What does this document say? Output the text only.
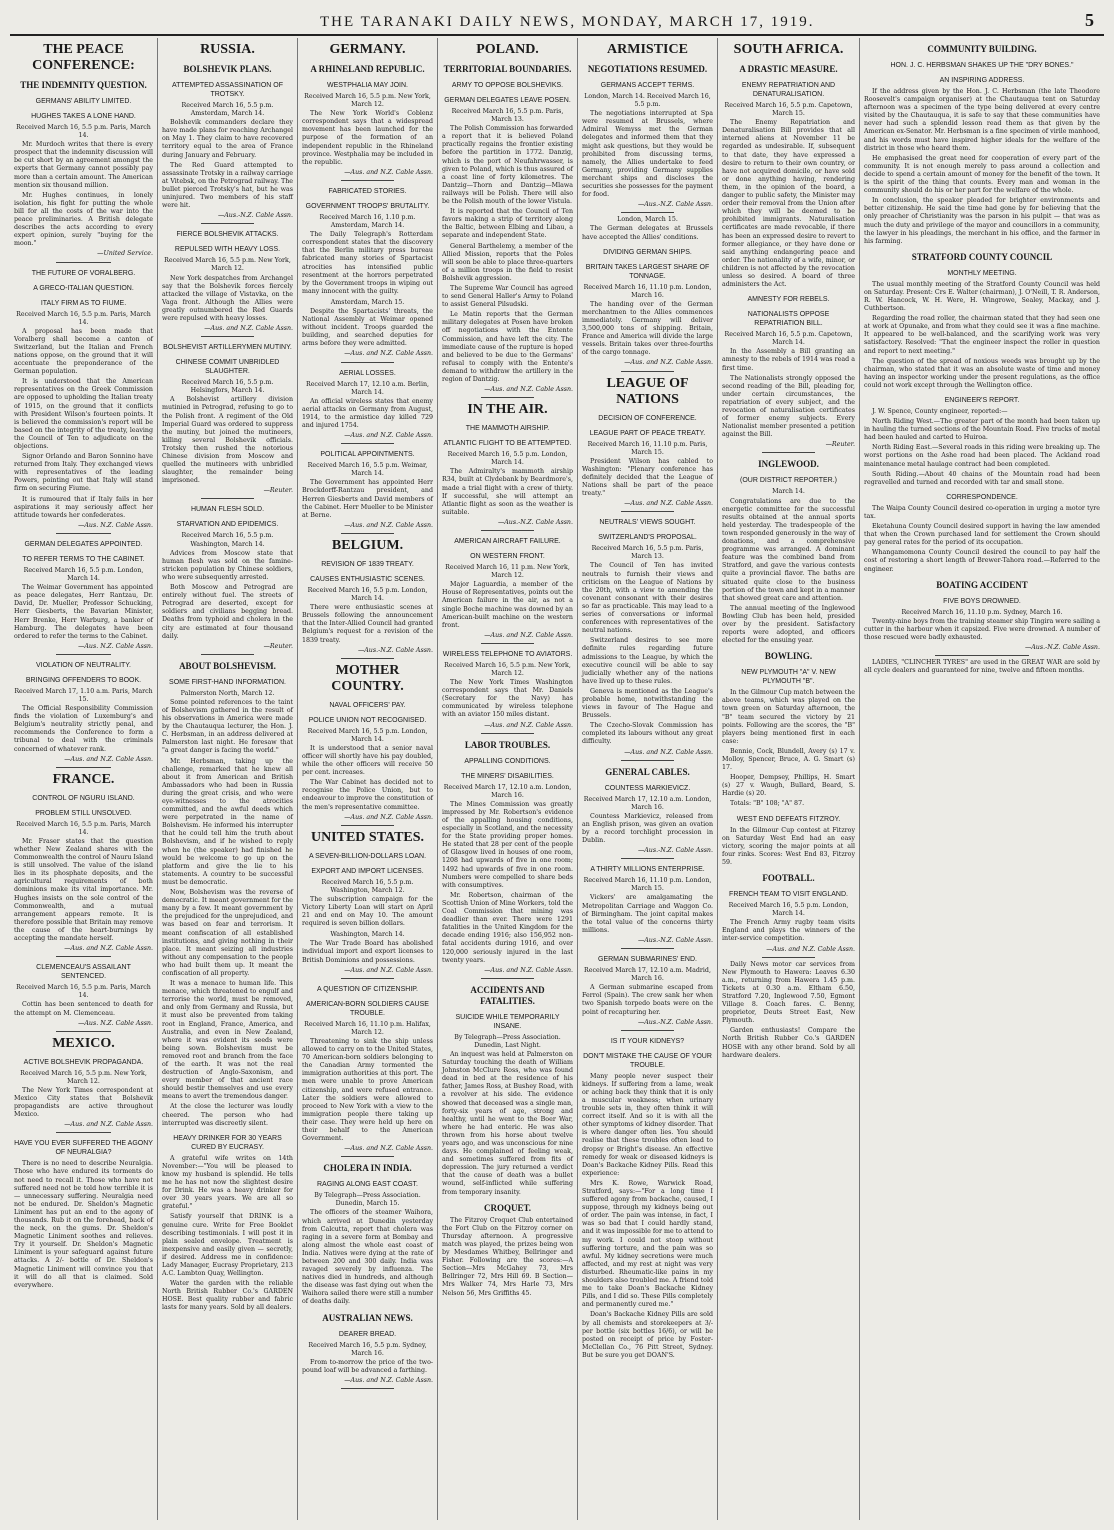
THE TARANAKI DAILY NEWS, MONDAY, MARCH 17, 1919.	5
THE PEACE CONFERENCE:
THE INDEMNITY QUESTION.
GERMANS' ABILITY LIMITED.
HUGHES TAKES A LONE HAND.
Received March 16, 5.5 p.m. Paris, March 14.

Mr. Murdoch writes that there is every prospect that the indemnity discussion will be cut short by an agreement amongst the experts that Germany cannot possibly pay more than a certain amount. The American mention six thousand million.

Mr. Hughes continues, in lonely isolation, his fight for putting the whole bill for all the costs of the war into the peace preliminaries. A British delegate describes the acts according to every expert opinion, surely "buying for the moon."

—United Service.
THE FUTURE OF VORALBERG.
A GRECO-ITALIAN QUESTION.
ITALY FIRM AS TO FIUME.
Received March 16, 5.5 p.m. Paris, March 14.

A proposal has been made that Voralberg shall become a canton of Switzerland, but the Italian and French nations oppose, on the ground that it will accentuate the preponderance of the German population.

It is understood that the American representatives on the Greek Commission are opposed to upholding the Italian treaty of 1915, on the ground that it conflicts with President Wilson's fourteen points. It is believed the commission's report will be based on the integrity of the treaty, leaving the Council of Ten to adjudicate on the objections.

Signor Orlando and Baron Sonnino have returned from Italy. They exchanged views with representatives of the leading Powers, pointing out that Italy will stand firm on securing Fiume.

It is rumoured that if Italy fails in her aspirations it may seriously affect her attitude towards her confederates.

—Aus. N.Z. Cable Assn.
GERMAN DELEGATES APPOINTED.
TO REFER TERMS TO THE CABINET.
Received March 16, 5.5 p.m. London, March 14.

The Weimar Government has appointed as peace delegates, Herr Rantzau, Dr. David, Dr. Mueller, Professor Schucking, Herr Giesberts, the Bavarian Minister, Herr Brenke, Herr Warburg, a banker of Hamburg. The delegates have been ordered to refer the terms to the Cabinet.

—Aus. N.Z. Cable Assn.
VIOLATION OF NEUTRALITY.
BRINGING OFFENDERS TO BOOK.
Received March 17, 1.10 a.m. Paris, March 15.

The Official Responsibility Commission finds the violation of Luxemburg's and Belgium's neutrality strictly penal, and recommends the Conference to form a tribunal to deal with the criminals concerned of whatever rank.

—Aus. and N.Z. Cable Assn.
FRANCE.
CONTROL OF NGURU ISLAND.
PROBLEM STILL UNSOLVED.
Received March 16, 5.5 p.m. Paris, March 14.

Mr. Fraser states that the question whether New Zealand shares with the Commonwealth the control of Nauru Island is still unsolved. The value of the island lies in its phosphate deposits, and the agricultural requirements of both dominions make its vital importance. Mr. Hughes insists on the sole control of the Commonwealth, and a mutual arrangement appears remote. It is therefore possible that Britain may remove the cause of the heart-burnings by accepting the mandate herself.

—Aus. and N.Z. Cable Assn.
CLEMENCEAU'S ASSAILANT SENTENCED.
Received March 16, 5.5 p.m. Paris, March 14.

Cottin has been sentenced to death for the attempt on M. Clemenceau.

—Aus. N.Z. Cable Assn.
MEXICO.
ACTIVE BOLSHEVIK PROPAGANDA.
Received March 16, 5.5 p.m. New York, March 12.

The New York Times correspondent at Mexico City states that Bolshevik propagandists are active throughout Mexico.

—Aus. and N.Z. Cable Assn.
HAVE YOU EVER SUFFERED THE AGONY OF NEURALGIA?

There is no need to describe Neuralgia. Those who have endured its torments do not need to recall it. Those who have not suffered need not be told how terrible it is — unnecessary suffering. Neuralgia need not be endured. Dr. Sheldon's Magnetic Liniment has put an end to the agony of thousands. Rub it on the forehead, back of the neck, on the gums. Dr. Sheldon's Magnetic Liniment soothes and relieves. Try it yourself. Dr. Sheldon's Magnetic Liniment is your safeguard against future attacks. A 2/- bottle of Dr. Sheldon's Magnetic Liniment will convince you that it will do all that is claimed. Sold everywhere.

RUSSIA.
BOLSHEVIK PLANS.
ATTEMPTED ASSASSINATION OF TROTSKY.
Received March 16, 5.5 p.m. Amsterdam, March 14.

Bolshevik commanders declare they have made plans for reaching Archangel on May 1. They claim to have recovered territory equal to the area of France during January and February.

The Red Guard attempted to assassinate Trotsky in a railway carriage at Vitebsk, on the Petrograd railway. The bullet pierced Trotsky's hat, but he was uninjured. Two members of his staff were hit.

—Aus.-N.Z. Cable Assn.
FIERCE BOLSHEVIK ATTACKS.
REPULSED WITH HEAVY LOSS.
Received March 16, 5.5 p.m. New York, March 12.

New York despatches from Archangel say that the Bolshevik forces fiercely attacked the village of Vistavka, on the Vaga front. Although the Allies were greatly outnumbered the Red Guards were repulsed with heavy losses.

—Aus. and N.Z. Cable Assn.
BOLSHEVIST ARTILLERYMEN MUTINY.
CHINESE COMMIT UNBRIDLED SLAUGHTER.
Received March 16, 5.5 p.m. Helsingfors, March 14.

A Bolshevist artillery division mutinied in Petrograd, refusing to go to the Polish front. A regiment of the Old Imperial Guard was ordered to suppress the mutiny, but joined the mutineers, killing several Bolshevik officials. Trotsky then rushed the notorious Chinese division from Moscow and quelled the mutineers with unbridled slaughter, the remainder being imprisoned.

—Reuter.
HUMAN FLESH SOLD.
STARVATION AND EPIDEMICS.
Received March 16, 5.5 p.m. Washington, March 14.

Advices from Moscow state that human flesh was sold on the famine-stricken population by Chinese soldiers, who were subsequently arrested.

Both Moscow and Petrograd are entirely without fuel. The streets of Petrograd are deserted, except for soldiers and civilians begging bread. Deaths from typhoid and cholera in the city are estimated at four thousand daily.

—Reuter.
ABOUT BOLSHEVISM.
SOME FIRST-HAND INFORMATION.
Palmerston North, March 12.

Some pointed references to the taint of Bolshevism gathered in the result of his observations in America were made by the Chautauqua lecturer, the Hon. J. C. Herbsman, in an address delivered at Palmerston last night. He foresaw that "a great danger is facing the world."

Mr. Herbsman, taking up the challenge, remarked that he knew all about it from American and British Ambassadors who had been in Russia during the great crisis, and who were eye-witnesses to the atrocities committed, and the awful deeds which were perpetrated in the name of Bolshevism. He informed his interrupter that he could tell him the truth about Bolshevism, and if he wished to reply when he (the speaker) had finished he would be welcome to go up on the platform and give the lie to his statements. A country to be successful must be democratic.

Now, Bolshevism was the reverse of democratic. It meant government for the many by a few. It meant government by the prejudiced for the unprejudiced, and was based on fear and terrorism. It meant confiscation of all established institutions, and giving nothing in their place. It meant seizing all industries without any compensation to the people who had built them up. It meant the confiscation of all property.

It was a menace to human life. This menace, which threatened to engulf and terrorise the world, must be removed, and only from Germany and Russia, but it must also be prevented from taking root in England, France, America, and Australia, and even in New Zealand, where it was evident its seeds were being sown. Bolshevism must be removed root and branch from the face of the earth. It was not the real destruction of Anglo-Saxonism, and every member of that ancient race should bestir themselves and use every means to avert the tremendous danger.

At the close the lecturer was loudly cheered. The person who had interrupted was discreetly silent.

HEAVY DRINKER FOR 30 YEARS CURED BY EUCRASY.

A grateful wife writes on 14th November:—"You will be pleased to know my husband is splendid. He tells me he has not now the slightest desire for Drink. He was a heavy drinker for over 30 years years. We are all so grateful."

Satisfy yourself that DRINK is a genuine cure. Write for Free Booklet describing testimonials. I will post it in plain sealed envelope. Treatment is inexpensive and easily given — secretly, if desired. Address me in confidence: Lady Manager, Eucrasy Proprietary, 213 A.C. Lambton Quay, Wellington.

Water the garden with the reliable North British Rubber Co.'s GARDEN HOSE. Best quality rubber and fabric lasts for many years. Sold by all dealers.

GERMANY.
A RHINELAND REPUBLIC.
WESTPHALIA MAY JOIN.
Received March 16, 5.5 p.m. New York, March 12.

The New York World's Coblenz correspondent says that a widespread movement has been launched for the purpose of the formation of an independent republic in the Rhineland province. Westphalia may be included in the republic.

—Aus. and N.Z. Cable Assn.
FABRICATED STORIES.
GOVERNMENT TROOPS' BRUTALITY.
Received March 16, 1.10 p.m. Amsterdam, March 14.

The Daily Telegraph's Rotterdam correspondent states that the discovery that the Berlin military press bureau fabricated many stories of Spartacist atrocities has intensified public resentment at the horrors perpetrated by the Government troops in wiping out many innocent with the guilty.

Amsterdam, March 15.

Despite the Spartacists' threats, the National Assembly at Weimar opened without incident. Troops guarded the building, and searched deputies for arms before they were admitted.

—Aus. and N.Z. Cable Assn.
AERIAL LOSSES.
Received March 17, 12.10 a.m. Berlin, March 14.

An official wireless states that enemy aerial attacks on Germany from August, 1914, to the armistice day killed 729 and injured 1754.

—Aus. and N.Z. Cable Assn.
POLITICAL APPOINTMENTS.
Received March 16, 5.5 p.m. Weimar, March 14.

The Government has appointed Herr Brockdorff-Rantzau president, and Herren Giesberts and David members of the Cabinet. Herr Mueller to be Minister at Berne.

—Aus. and N.Z. Cable Assn.
BELGIUM.
REVISION OF 1839 TREATY.
CAUSES ENTHUSIASTIC SCENES.
Received March 16, 5.5 p.m. London, March 14.

There were enthusiastic scenes at Brussels following the announcement that the Inter-Allied Council had granted Belgium's request for a revision of the 1839 treaty.

—Aus.-N.Z. Cable Assn.
MOTHER COUNTRY.
NAVAL OFFICERS' PAY.
POLICE UNION NOT RECOGNISED.
Received March 16, 5.5 p.m. London, March 14.

It is understood that a senior naval officer will shortly have his pay doubled, while the other officers will receive 50 per cent. increases.

The War Cabinet has decided not to recognise the Police Union, but to endeavour to improve the constitution of the men's representative committee.

—Aus. and N.Z. Cable Assn.
UNITED STATES.
A SEVEN-BILLION-DOLLARS LOAN.
EXPORT AND IMPORT LICENSES.
Received March 16, 5.5 p.m. Washington, March 12.

The subscription campaign for the Victory Liberty Loan will start on April 21 and end on May 10. The amount required is seven billion dollars.

Washington, March 14.

The War Trade Board has abolished individual import and export licenses to British Dominions and possessions.

—Aus. and N.Z. Cable Assn.
A QUESTION OF CITIZENSHIP.
AMERICAN-BORN SOLDIERS CAUSE TROUBLE.
Received March 16, 11.10 p.m. Halifax, March 12.

Threatening to sink the ship unless allowed to carry on to the United States, 70 American-born soldiers belonging to the Canadian Army tormented the immigration authorities at this port. The men were unable to prove American citizenship, and were refused entrance. Later the soldiers were allowed to proceed to New York with a view to the immigration people there taking up their case. They were held up here on their behalf to the American Government.

—Aus. and N.Z. Cable Assn.
CHOLERA IN INDIA.
RAGING ALONG EAST COAST.
By Telegraph—Press Association. Dunedin, March 15.

The officers of the steamer Waihora, which arrived at Dunedin yesterday from Calcutta, report that cholera was raging in a severe form at Bombay and along almost the whole east coast of India. Natives were dying at the rate of between 200 and 300 daily. India was ravaged severely by influenza. The natives died in hundreds, and although the disease was fast dying out when the Waihora sailed there were still a number of deaths daily.

AUSTRALIAN NEWS.
DEARER BREAD.
Received March 16, 5.5 p.m. Sydney, March 16.

From to-morrow the price of the two-pound loaf will be advanced a farthing.

—Aus. and N.Z. Cable Assn.
POLAND.
TERRITORIAL BOUNDARIES.
ARMY TO OPPOSE BOLSHEVIKS.
GERMAN DELEGATES LEAVE POSEN.
Received March 16, 5.5 p.m. Paris, March 13.

The Polish Commission has forwarded a report that it is believed Poland practically regains the frontier existing before the partition in 1772. Danzig, which is the port of Neufahrwasser, is given to Poland, which is thus assured of a coast line of forty kilometres. The Dantzig—Thorn and Dantzig—Mlawa railways will be Polish. There will also be the Polish mouth of the lower Vistula.

It is reported that the Council of Ten favors making a strip of territory along the Baltic, between Elbing and Libau, a separate and independent State.

General Barthelemy, a member of the Allied Mission, reports that the Poles will soon be able to place three-quarters of a million troops in the field to resist Bolshevik aggression.

The Supreme War Council has agreed to send General Haller's Army to Poland to assist General Pilsudski.

Le Matin reports that the German military delegates at Posen have broken off negotiations with the Entente Commission, and have left the city. The immediate cause of the rupture is hoped and believed to be due to the Germans' refusal to comply with the Entente's demand to withdraw the artillery in the region of Dantzig.

—Aus. and N.Z. Cable Assn.
IN THE AIR.
THE MAMMOTH AIRSHIP.
ATLANTIC FLIGHT TO BE ATTEMPTED.
Received March 16, 5.5 p.m. London, March 14.

The Admiralty's mammoth airship R34, built at Clydebank by Beardmore's, made a trial flight with a crew of thirty. If successful, she will attempt an Atlantic flight as soon as the weather is suitable.

—Aus.-N.Z. Cable Assn.
AMERICAN AIRCRAFT FAILURE.
ON WESTERN FRONT.
Received March 16, 11 p.m. New York, March 12.

Major Laguardia, a member of the House of Representatives, points out the American failure in the air, as not a single Boche machine was downed by an American-built machine on the western front.

—Aus. and N.Z. Cable Assn.
WIRELESS TELEPHONE TO AVIATORS.
Received March 16, 5.5 p.m. New York, March 12.

The New York Times Washington correspondent says that Mr. Daniels (Secretary for the Navy) has communicated by wireless telephone with an aviator 150 miles distant.

—Aus. and N.Z. Cable Assn.
LABOR TROUBLES.
APPALLING CONDITIONS.
THE MINERS' DISABILITIES.
Received March 17, 12.10 a.m. London, March 16.

The Mines Commission was greatly impressed by Mr. Robertson's evidence of the appalling housing conditions, especially in Scotland, and the necessity for the State providing proper homes. He stated that 28 per cent of the people of Glasgow lived in houses of one room, 1208 had upwards of five in one room; 1492 had upwards of five in one room. Numbers were compelled to share beds with consumptives.

Mr. Robertson, chairman of the Scottish Union of Mine Workers, told the Coal Commission that mining was deadlier than ever. There were 1291 fatalities in the United Kingdom for the decade ending 1916; also 156,952 non-fatal accidents during 1916, and over 120,000 seriously injured in the last twenty years.

—Aus. and N.Z. Cable Assn.
ACCIDENTS AND FATALITIES.
SUICIDE WHILE TEMPORARILY INSANE.
By Telegraph—Press Association. Dunedin, Last Night.

An inquest was held at Palmerston on Saturday touching the death of William Johnston McClure Ross, who was found dead in bed at the residence of his father, James Ross, at Bushey Road, with a revolver at his side. The evidence showed that deceased was a single man, forty-six years of age, strong and healthy, until he went to the Boer War, where he had enteric. He was also thrown from his horse about twelve years ago, and was unconscious for nine days. He complained of feeling weak, and sometimes suffered from fits of depression. The jury returned a verdict that the cause of death was a bullet wound, self-inflicted while suffering from temporary insanity.

CROQUET.

The Fitzroy Croquet Club entertained the Fort Club on the Fitzroy corner on Thursday afternoon. A progressive match was played, the prizes being won by Mesdames Whitbey, Bellringer and Fisher. Following are the scores:—A Section—Mrs McGahey 73, Mrs Bellringer 72, Mrs Hill 69. B Section—Mrs Walker 74, Mrs Harle 73, Mrs Nelson 56, Mrs Griffiths 45.

ARMISTICE
NEGOTIATIONS RESUMED.
GERMANS ACCEPT TERMS.
London, March 14. Received March 16, 5.5 p.m.

The negotiations interrupted at Spa were resumed at Brussels, where Admiral Wemyss met the German delegates and informed them that they might ask questions, but they would be prohibited from discussing terms, namely, the Allies undertake to feed Germany, providing Germany supplies merchant ships and discloses the securities she possesses for the payment for food.

—Aus.-N.Z. Cable Assn.
London, March 15.

The German delegates at Brussels have accepted the Allies' conditions.

DIVIDING GERMAN SHIPS.
BRITAIN TAKES LARGEST SHARE OF TONNAGE.
Received March 16, 11.10 p.m. London, March 16.

The handing over of the German merchantmen to the Allies commences immediately. Germany will deliver 3,500,000 tons of shipping. Britain, France and America will divide the large vessels. Britain takes over three-fourths of the cargo tonnage.

—Aus. and N.Z. Cable Assn.
LEAGUE OF NATIONS
DECISION OF CONFERENCE.
LEAGUE PART OF PEACE TREATY.
Received March 16, 11.10 p.m. Paris, March 15.

President Wilson has cabled to Washington: "Plenary conference has definitely decided that the League of Nations shall be part of the peace treaty."

—Aus. and N.Z. Cable Assn.
NEUTRALS' VIEWS SOUGHT.
SWITZERLAND'S PROPOSAL.
Received March 16, 5.5 p.m. Paris, March 13.

The Council of Ten has invited neutrals to furnish their views and criticism on the League of Nations by the 20th, with a view to amending the covenant consonant with their desires so far as practicable. This may lead to a series of conversations or informal conferences with representatives of the neutral nations.

Switzerland desires to see more definite rules regarding future admissions to the League, by which the executive council will be able to say judicially whether any of the nations have lived up to these rules.

Geneva is mentioned as the League's probable home, notwithstanding the views in favour of The Hague and Brussels.

The Czecho-Slovak Commission has completed its labours without any great difficulty.

—Aus. and N.Z. Cable Assn.
GENERAL CABLES.
COUNTESS MARKIEVICZ.
Received March 17, 12.10 a.m. London, March 16.

Countess Markievicz, released from an English prison, was given an ovation by a record torchlight procession in Dublin.

—Aus.-N.Z. Cable Assn.
A THIRTY MILLIONS ENTERPRISE.
Received March 16, 11.10 p.m. London, March 15.

Vickers' are amalgamating the Metropolitan Carriage and Waggon Co. of Birmingham. The joint capital makes the total value of the concerns thirty millions.

—Aus.-N.Z. Cable Assn.
GERMAN SUBMARINES' END.
Received March 17, 12.10 a.m. Madrid, March 16.

A German submarine escaped from Ferrol (Spain). The crew sank her when two Spanish torpedo boats were on the point of recapturing her.

—Aus.-N.Z. Cable Assn.
IS IT YOUR KIDNEYS?
DON'T MISTAKE THE CAUSE OF YOUR TROUBLE.

Many people never suspect their kidneys. If suffering from a lame, weak or aching back they think that it is only a muscular weakness; when urinary trouble sets in, they often think it will correct itself. And so it is with all the other symptoms of kidney disorder. That is where danger often lies. You should realise that these troubles often lead to dropsy or Bright's disease. An effective remedy for weak or diseased kidneys is Doan's Backache Kidney Pills. Read this experience:

Mrs K. Rowe, Warwick Road, Stratford, says:—"For a long time I suffered agony from backache, caused, I suppose, through my kidneys being out of order. The pain was intense, in fact, I was so bad that I could hardly stand, and it was impossible for me to attend to my work. I could not stoop without suffering torture, and the pain was so awful. My kidney secretions were much affected, and my rest at night was very disturbed. Rheumatic-like pains in my shoulders also troubled me. A friend told me to take Doan's Backache Kidney Pills, and I did so. These Pills completely and permanently cured me."

Doan's Backache Kidney Pills are sold by all chemists and storekeepers at 3/- per bottle (six bottles 16/6), or will be posted on receipt of price by Foster-McClellan Co., 76 Pitt Street, Sydney. But be sure you get DOAN'S.

SOUTH AFRICA.
A DRASTIC MEASURE.
ENEMY REPATRIATION AND DENATURALISATION.
Received March 16, 5.5 p.m. Capetown, March 15.

The Enemy Repatriation and Denaturalisation Bill provides that all interned aliens at November 11 be regarded as undesirable. If, subsequent to that date, they have expressed a desire to return to their own country, or have not acquired domicile, or have sold or done anything having, rendering them, in the opinion of the board, a danger to public safety, the Minister may order their removal from the Union after which they will be deemed to be prohibited immigrants. Naturalisation certificates are made revocable, if there has been an expressed desire to revert to former allegiance, or they have done or said anything endangering peace and order. The nationality of a wife, minor, or children is not affected by the revocation unless so desired. A board of three administers the Act.

AMNESTY FOR REBELS.
NATIONALISTS OPPOSE REPATRIATION BILL.
Received March 16, 5.5 p.m. Capetown, March 14.

In the Assembly a Bill granting an amnesty to the rebels of 1914 was read a first time.

The Nationalists strongly opposed the second reading of the Bill, pleading for, under certain circumstances, the repatriation of every subject, and the revocation of naturalisation certificates of former enemy subjects. Every Nationalist member presented a petition against the Bill.

—Reuter.
INGLEWOOD.
(OUR DISTRICT REPORTER.)
March 14.

Congratulations are due to the energetic committee for the successful results obtained at the annual sports held yesterday. The tradespeople of the town responded generously in the way of donations, and a comprehensive programme was arranged. A dominant feature was the combined band from Stratford, and gave the various contests quite a provincial flavor. The baths are situated quite close to the business portion of the town and kept in a manner that showed great care and attention.

The annual meeting of the Inglewood Bowling Club has been held, presided over by the president. Satisfactory reports were adopted, and officers elected for the ensuing year.

BOWLING.
NEW PLYMOUTH "A" V. NEW PLYMOUTH "B".

In the Gilmour Cup match between the above teams, which was played on the town green on Saturday afternoon, the "B" team secured the victory by 21 points. Following are the scores, the "B" players being mentioned first in each case:

Bennie, Cock, Blundell, Avery (s) 17 v. Molloy, Spencer, Bruce, A. G. Smart (s) 17.

Hooper, Dempsey, Phillips, H. Smart (s) 27 v. Waugh, Bullard, Beard, S. Hardie (s) 20.

Totals: "B" 108; "A" 87.

WEST END DEFEATS FITZROY.

In the Gilmour Cup contest at Fitzroy on Saturday West End had an easy victory, scoring the major points at all four rinks. Scores: West End 83, Fitzroy 59.

FOOTBALL.
FRENCH TEAM TO VISIT ENGLAND.
Received March 16, 5.5 p.m. London, March 14.

The French Army rugby team visits England and plays the winners of the inter-service competition.

—Aus. and N.Z. Cable Assn.

Daily News motor car services from New Plymouth to Hawera: Leaves 6.30 a.m., returning from Hawera 1.45 p.m. Tickets at 0.30 a.m. Eltham 6.50, Stratford 7.20, Inglewood 7.50, Egmont Village 8. Coach fares. C. Benny, proprietor, Deuts Street East, New Plymouth.

Garden enthusiasts! Compare the North British Rubber Co.'s GARDEN HOSE with any other brand. Sold by all hardware dealers.

COMMUNITY BUILDING.
HON. J. C. HERBSMAN SHAKES UP THE "DRY BONES."
AN INSPIRING ADDRESS.

If the address given by the Hon. J. C. Herbsman (the late Theodore Roosevelt's campaign organiser) at the Chautauqua tent on Saturday afternoon was a specimen of the type being delivered at every centre visited by the Chautauqua, it is safe to say that these communities have never had such a splendid lesson read them as that given by the American ex-Senator. Mr. Herbsman is a fine specimen of virile manhood, and his words must have inspired higher ideals for the welfare of the district in those who heard them.

He emphasised the great need for cooperation of every part of the community. It is not enough merely to pass around a collection and decide to spend a certain amount of money for the benefit of the town. It is the spirit of the thing that counts. Every man and woman in the community should do his or her part for the welfare of the whole.

In conclusion, the speaker pleaded for brighter environments and better citizenship. He said the time had gone by for believing that the only preacher of Christianity was the parson in his pulpit — that was as much the duty and privilege of the mayor and councillors in a community, the lawyer in his pleadings, the merchant in his office, and the farmer in his farming.

STRATFORD COUNTY COUNCIL
MONTHLY MEETING.

The usual monthly meeting of the Stratford County Council was held on Saturday. Present: Crs E. Walter (chairman), J. O'Neill, T. R. Anderson, R. W. Hancock, W. H. Were, H. Wingrowe, Sealey, Mackay, and J. Cuthbertson.

Regarding the road roller, the chairman stated that they had seen one at work at Opunake, and from what they could see it was a fine machine. It appeared to be well-balanced, and the scarifying work was very satisfactory. Resolved: "That the engineer inspect the roller in question and report to next meeting."

The question of the spread of noxious weeds was brought up by the chairman, who stated that it was an absolute waste of time and money having an inspector working under the present regulations, as the office could not work except through the Wellington office.

ENGINEER'S REPORT.

J. W. Spence, County engineer, reported:—

North Riding West.—The greater part of the month had been taken up in hauling the turned sections of the Mountain Road. Five trucks of metal had been hauled and carted to Huiroa.

North Riding East.—Several roads in this riding were breaking up. The worst portions on the Ashe road had been placed. The Ackland road maintenance metal haulage contract had been completed.

South Riding.—About 40 chains of the Mountain road had been regravelled and turned and recorded with tar and small stone.

CORRESPONDENCE.

The Waipa County Council desired co-operation in urging a motor tyre tax.

Eketahuna County Council desired support in having the law amended that when the Crown purchased land for settlement the Crown should pay general rates for the period of its occupation.

Whangamomona County Council desired the council to pay half the cost of restoring a short length of Brewer-Tahora road.—Referred to the engineer.

BOATING ACCIDENT
FIVE BOYS DROWNED.
Received March 16, 11.10 p.m. Sydney, March 16.

Twenty-nine boys from the training steamer ship Tingira were sailing a cutter in the harbour when it capsized. Five were drowned. A number of those rescued were badly exhausted.

—Aus.-N.Z. Cable Assn.

LADIES, "CLINCHER TYRES" are used in the GREAT WAR are sold by all cycle dealers and guaranteed for nine, twelve and fifteen months.
